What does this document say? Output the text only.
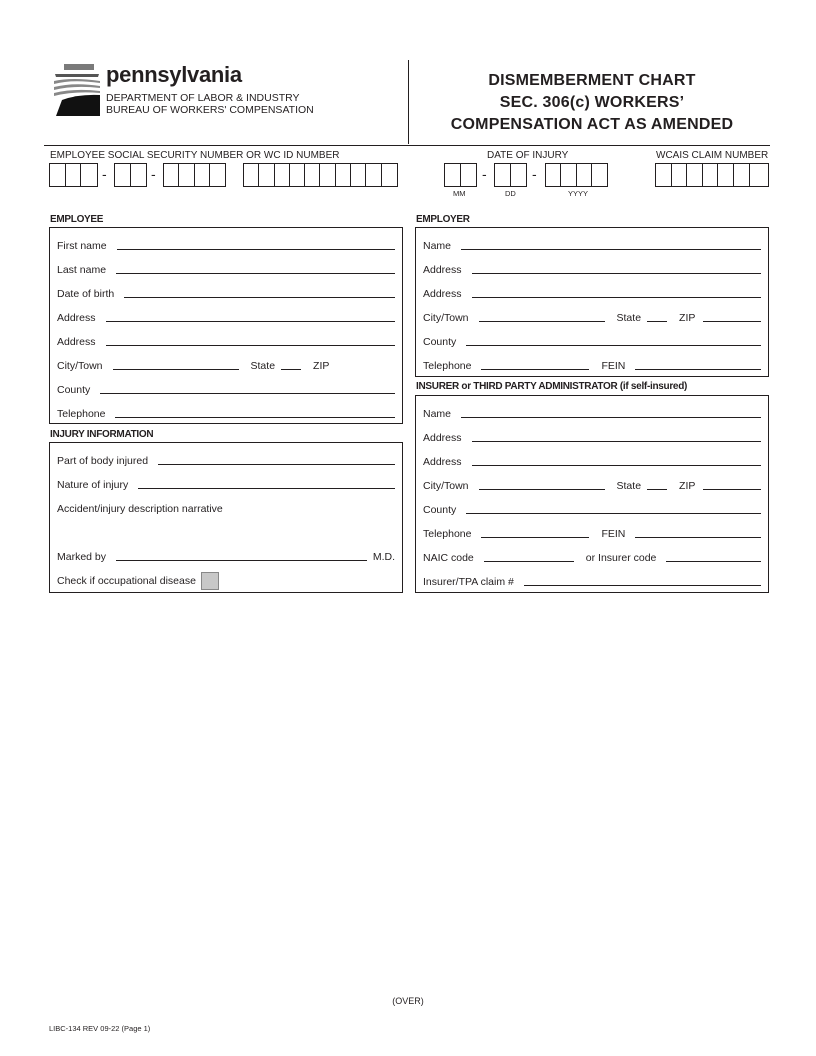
pennsylvania
DEPARTMENT OF LABOR & INDUSTRY
BUREAU OF WORKERS' COMPENSATION
DISMEMBERMENT CHART
SEC. 306(c) WORKERS’
COMPENSATION ACT AS AMENDED
EMPLOYEE SOCIAL SECURITY NUMBER OR WC ID NUMBER	DATE OF INJURY	WCAIS CLAIM NUMBER
-	-	-	-
MM	DD	YYYY
EMPLOYEE
First name
Last name
Date of birth
Address
Address
City/Town	State	ZIP
County
Telephone
INJURY INFORMATION
Part of body injured
Nature of injury
Accident/injury description narrative
Marked by	M.D.
Check if occupational disease
EMPLOYER
Name
Address
Address
City/Town	State	ZIP
County
Telephone	FEIN
INSURER or THIRD PARTY ADMINISTRATOR (if self-insured)
Name
Address
Address
City/Town	State	ZIP
County
Telephone	FEIN
NAIC code	or Insurer code
Insurer/TPA claim #
(OVER)
LIBC-134 REV 09-22 (Page 1)
